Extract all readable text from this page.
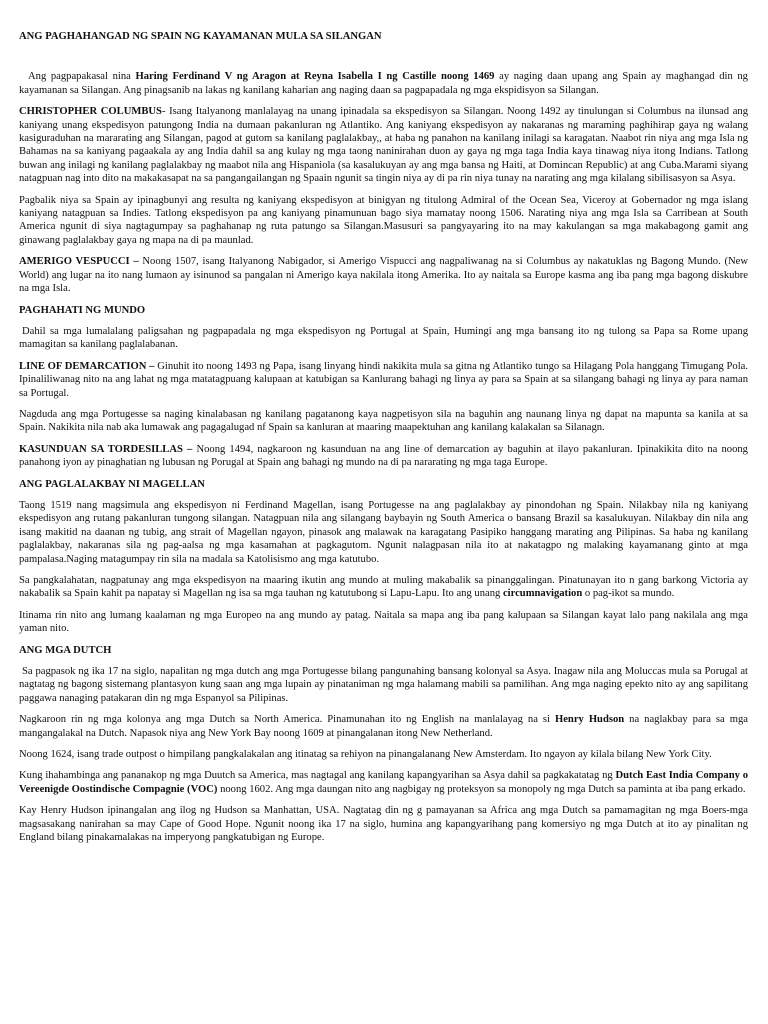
ANG PAGHAHANGAD NG SPAIN NG KAYAMANAN MULA SA SILANGAN

Ang pagpapakasal nina Haring Ferdinand V ng Aragon at Reyna Isabella I ng Castille noong 1469 ay naging daan upang ang Spain ay maghangad din ng kayamanan sa Silangan. Ang pinagsanib na lakas ng kanilang kaharian ang naging daan sa pagpapadala ng mga ekspidisyon sa Silangan.

CHRISTOPHER COLUMBUS- Isang Italyanong manlalayag na unang ipinadala sa ekspedisyon sa Silangan. Noong 1492 ay tinulungan si Columbus na ilunsad ang kaniyang unang ekspedisyon patungong India na dumaan pakanluran ng Atlantiko. Ang kaniyang ekspedisyon ay nakaranas ng maraming paghihirap gaya ng walang kasiguraduhan na mararating ang Silangan, pagod at gutom sa kanilang paglalakbay,, at haba ng panahon na kanilang inilagi sa karagatan. Naabot rin niya ang mga Isla ng Bahamas na sa kaniyang pagaakala ay ang India dahil sa ang kulay ng mga taong naninirahan duon ay gaya ng mga taga India kaya tinawag niya itong Indians. Tatlong buwan ang inilagi ng kanilang paglalakbay ng maabot nila ang Hispaniola (sa kasalukuyan ay ang mga bansa ng Haiti, at Domincan Republic) at ang Cuba.Marami siyang natagpuan nag into dito na makakasapat na sa pangangailangan ng Spaain ngunit sa tingin niya ay di pa rin niya tunay na narating ang mga kilalang sibilisasyon sa Asya.

Pagbalik niya sa Spain ay ipinagbunyi ang resulta ng kaniyang ekspedisyon at binigyan ng titulong Admiral of the Ocean Sea, Viceroy at Gobernador ng mga islang kaniyang natagpuan sa Indies. Tatlong ekspedisyon pa ang kaniyang pinamunuan bago siya mamatay noong 1506. Narating niya ang mga Isla sa Carribean at South America ngunit di siya nagtagumpay sa paghahanap ng ruta patungo sa Silangan.Masusuri sa pangyayaring ito na may kakulangan sa mga makabagong gamit ang ginawang paglalakbay gaya ng mapa na di pa maunlad.

AMERIGO VESPUCCI – Noong 1507, isang Italyanong Nabigador, si Amerigo Vispucci ang nagpaliwanag na si Columbus ay nakatuklas ng Bagong Mundo. (New World) ang lugar na ito nang lumaon ay isinunod sa pangalan ni Amerigo kaya nakilala itong Amerika. Ito ay naitala sa Europe kasma ang iba pang mga bagong diskubre na mga Isla.

PAGHAHATI NG MUNDO

Dahil sa mga lumalalang paligsahan ng pagpapadala ng mga ekspedisyon ng Portugal at Spain, Humingi ang mga bansang ito ng tulong sa Papa sa Rome upang mamagitan sa kanilang paglalabanan.

LINE OF DEMARCATION – Ginuhit ito noong 1493 ng Papa, isang linyang hindi nakikita mula sa gitna ng Atlantiko tungo sa Hilagang Pola hanggang Timugang Pola. Ipinaliliwanag nito na ang lahat ng mga matatagpuang kalupaan at katubigan sa Kanlurang bahagi ng linya ay para sa Spain at sa silangang bahagi ng linya ay para naman sa Portugal.

Nagduda ang mga Portugesse sa naging kinalabasan ng kanilang pagatanong kaya nagpetisyon sila na baguhin ang naunang linya ng dapat na mapunta sa kanila at sa Spain. Nakikita nila nab aka lumawak ang pagagalugad nf Spain sa kanluran at maaring maapektuhan ang kanilang kalakalan sa Silanagn.

KASUNDUAN SA TORDESILLAS – Noong 1494, nagkaroon ng kasunduan na ang line of demarcation ay baguhin at ilayo pakanluran. Ipinakikita dito na noong panahong iyon ay pinaghatian ng lubusan ng Porugal at Spain ang bahagi ng mundo na di pa nararating ng mga taga Europe.

ANG PAGLALAKBAY NI MAGELLAN

Taong 1519 nang magsimula ang ekspedisyon ni Ferdinand Magellan, isang Portugesse na ang paglalakbay ay pinondohan ng Spain. Nilakbay nila ng kaniyang ekspedisyon ang rutang pakanluran tungong silangan. Natagpuan nila ang silangang baybayin ng South America o bansang Brazil sa kasalukuyan. Nilakbay din nila ang isang makitid na daanan ng tubig, ang strait of Magellan ngayon, pinasok ang malawak na karagatang Pasipiko hanggang marating ang Pilipinas. Sa haba ng kanilang paglalakbay, nakaranas sila ng pag-aalsa ng mga kasamahan at pagkagutom. Ngunit nalagpasan nila ito at nakatagpo ng malaking kayamanang ginto at mga pampalasa.Naging matagumpay rin sila na madala sa Katolisismo ang mga katutubo.

Sa pangkalahatan, nagpatunay ang mga ekspedisyon na maaring ikutin ang mundo at muling makabalik sa pinanggalingan. Pinatunayan ito n gang barkong Victoria ay nakabalik sa Spain kahit pa napatay si Magellan ng isa sa mga tauhan ng katutubong si Lapu-Lapu. Ito ang unang circumnavigation o pag-ikot sa mundo.

Itinama rin nito ang lumang kaalaman ng mga Europeo na ang mundo ay patag. Naitala sa mapa ang iba pang kalupaan sa Silangan kayat lalo pang nakilala ang mga yaman nito.

ANG MGA DUTCH

Sa pagpasok ng ika 17 na siglo, napalitan ng mga dutch ang mga Portugesse bilang pangunahing bansang kolonyal sa Asya. Inagaw nila ang Moluccas mula sa Porugal at nagtatag ng bagong sistemang plantasyon kung saan ang mga lupain ay pinataniman ng mga halamang mabili sa pamilihan. Ang mga naging epekto nito ay ang sapilitang paggawa nanaging patakaran din ng mga Espanyol sa Pilipinas.

Nagkaroon rin ng mga kolonya ang mga Dutch sa North America. Pinamunahan ito ng English na manlalayag na si Henry Hudson na naglakbay para sa mga mangangalakal na Dutch. Napasok niya ang New York Bay noong 1609 at pinangalanan itong New Netherland.

Noong 1624, isang trade outpost o himpilang pangkalakalan ang itinatag sa rehiyon na pinangalanang New Amsterdam. Ito ngayon ay kilala bilang New York City.

Kung ihahambinga ang pananakop ng mga Duutch sa America, mas nagtagal ang kanilang kapangyarihan sa Asya dahil sa pagkakatatag ng Dutch East India Company o Vereenigde Oostindische Compagnie (VOC) noong 1602. Ang mga daungan nito ang nagbigay ng proteksyon sa monopoly ng mga Dutch sa paminta at iba pang erkado.

Kay Henry Hudson ipinangalan ang ilog ng Hudson sa Manhattan, USA. Nagtatag din ng g pamayanan sa Africa ang mga Dutch sa pamamagitan ng mga Boers-mga magsasakang nanirahan sa may Cape of Good Hope. Ngunit noong ika 17 na siglo, humina ang kapangyarihang pang komersiyo ng mga Dutch at ito ay pinalitan ng England bilang pinakamalakas na imperyong pangkatubigan ng Europe.
